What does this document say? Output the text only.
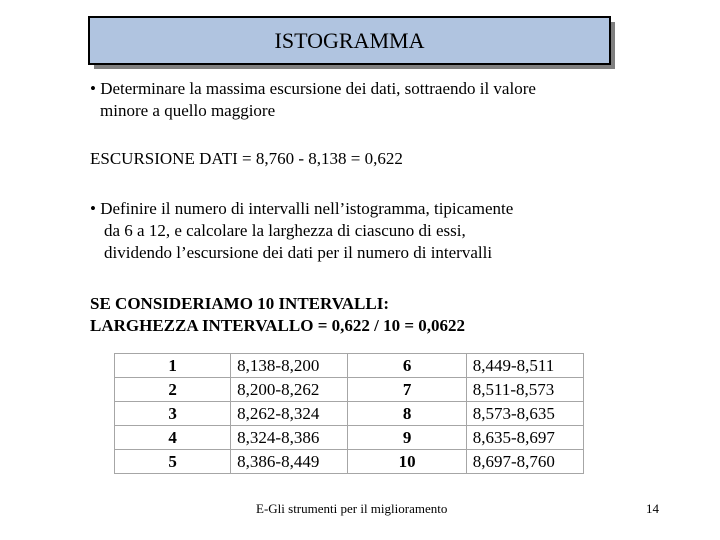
ISTOGRAMMA
• Determinare la massima escursione dei dati, sottraendo il valore
minore a quello maggiore
ESCURSIONE DATI = 8,760 - 8,138 = 0,622
• Definire il numero di intervalli nell’istogramma, tipicamente
da 6 a 12, e calcolare la larghezza di ciascuno di essi,
dividendo l’escursione dei dati per il numero di intervalli
SE CONSIDERIAMO 10 INTERVALLI:
LARGHEZZA INTERVALLO = 0,622 / 10 = 0,0622
1	8,138-8,200	6	8,449-8,511
2	8,200-8,262	7	8,511-8,573
3	8,262-8,324	8	8,573-8,635
4	8,324-8,386	9	8,635-8,697
5	8,386-8,449	10	8,697-8,760
E-Gli strumenti per il miglioramento	14
